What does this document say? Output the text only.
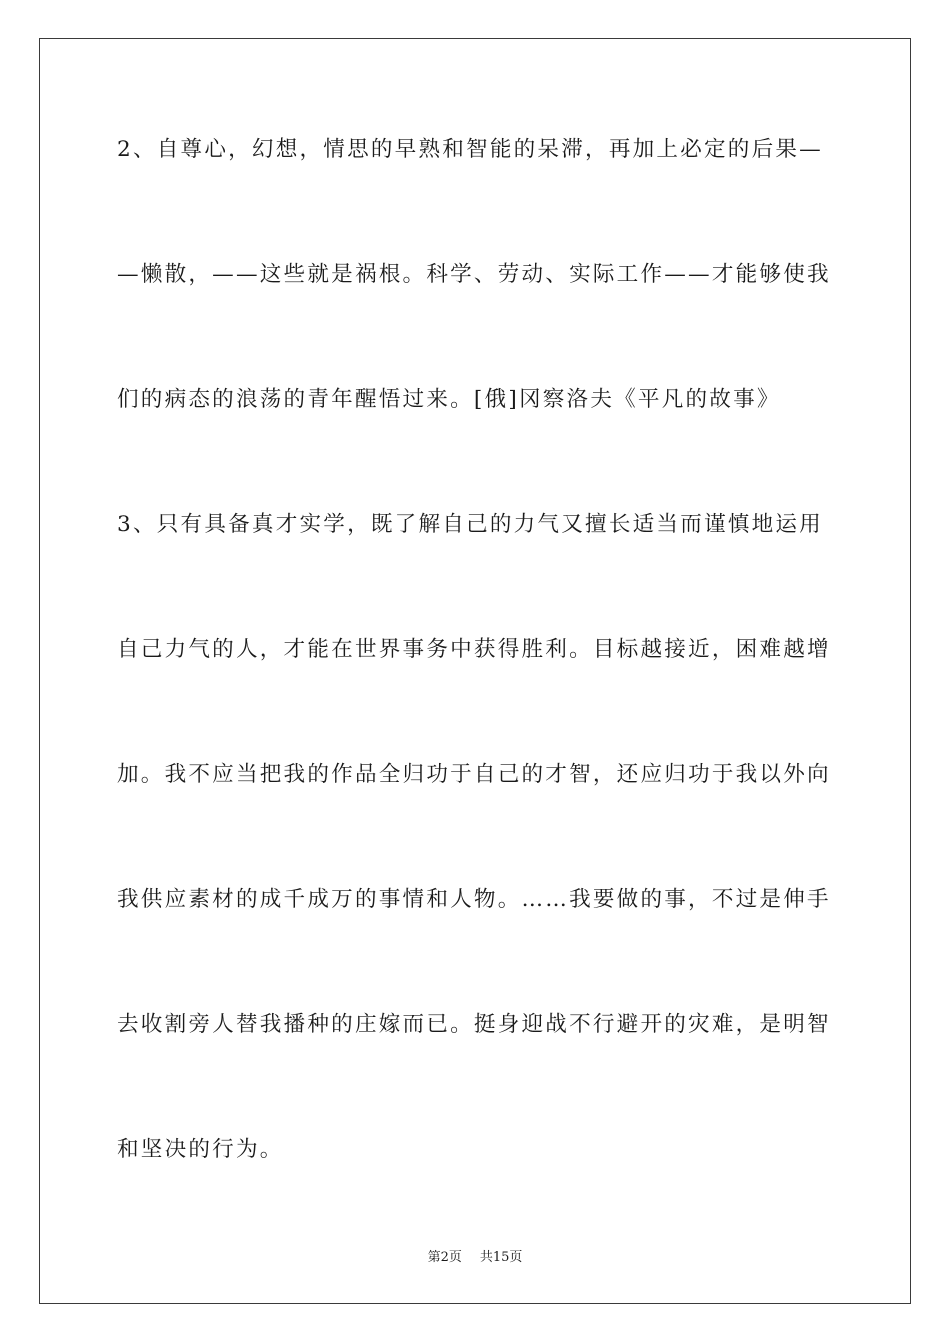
2、自尊心，幻想，情思的早熟和智能的呆滞，再加上必定的后果—
—懒散，——这些就是祸根。科学、劳动、实际工作——才能够使我
们的病态的浪荡的青年醒悟过来。[俄]冈察洛夫《平凡的故事》
3、只有具备真才实学，既了解自己的力气又擅长适当而谨慎地运用
自己力气的人，才能在世界事务中获得胜利。目标越接近，困难越增
加。我不应当把我的作品全归功于自己的才智，还应归功于我以外向
我供应素材的成千成万的事情和人物。……我要做的事，不过是伸手
去收割旁人替我播种的庄嫁而已。挺身迎战不行避开的灾难，是明智
和坚决的行为。
第2页 共15页
